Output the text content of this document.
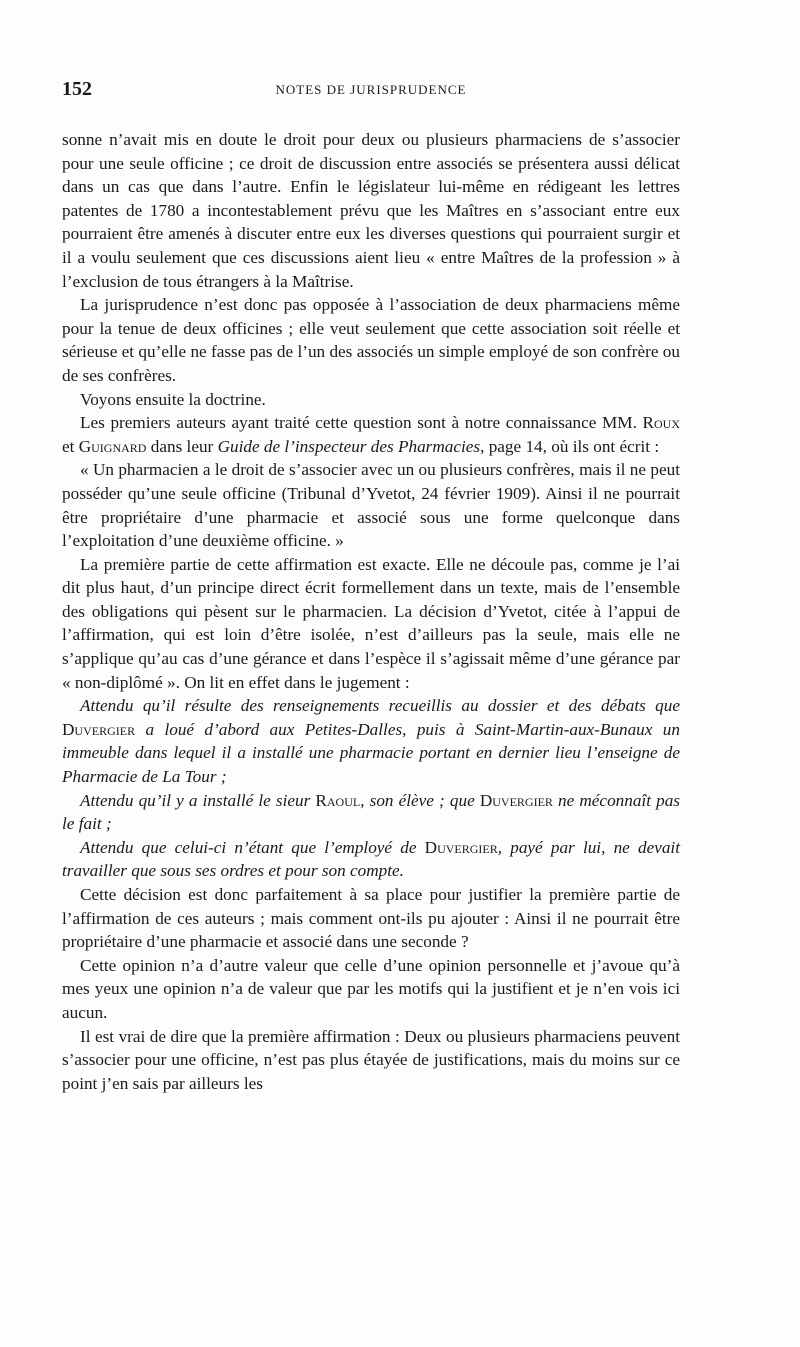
152	NOTES DE JURISPRUDENCE

sonne n’avait mis en doute le droit pour deux ou plusieurs pharmaciens de s’associer pour une seule officine ; ce droit de discussion entre associés se présentera aussi délicat dans un cas que dans l’autre. Enfin le législateur lui-même en rédigeant les lettres patentes de 1780 a incontestablement prévu que les Maîtres en s’associant entre eux pourraient être amenés à discuter entre eux les diverses questions qui pourraient surgir et il a voulu seulement que ces discussions aient lieu « entre Maîtres de la profession » à l’exclusion de tous étrangers à la Maîtrise.

La jurisprudence n’est donc pas opposée à l’association de deux pharmaciens même pour la tenue de deux officines ; elle veut seulement que cette association soit réelle et sérieuse et qu’elle ne fasse pas de l’un des associés un simple employé de son confrère ou de ses confrères.

Voyons ensuite la doctrine.

Les premiers auteurs ayant traité cette question sont à notre connaissance MM. Roux et Guignard dans leur Guide de l’inspecteur des Pharmacies, page 14, où ils ont écrit :

« Un pharmacien a le droit de s’associer avec un ou plusieurs confrères, mais il ne peut posséder qu’une seule officine (Tribunal d’Yvetot, 24 février 1909). Ainsi il ne pourrait être propriétaire d’une pharmacie et associé sous une forme quelconque dans l’exploitation d’une deuxième officine. »

La première partie de cette affirmation est exacte. Elle ne découle pas, comme je l’ai dit plus haut, d’un principe direct écrit formellement dans un texte, mais de l’ensemble des obligations qui pèsent sur le pharmacien. La décision d’Yvetot, citée à l’appui de l’affirmation, qui est loin d’être isolée, n’est d’ailleurs pas la seule, mais elle ne s’applique qu’au cas d’une gérance et dans l’espèce il s’agissait même d’une gérance par « non-diplômé ». On lit en effet dans le jugement :

Attendu qu’il résulte des renseignements recueillis au dossier et des débats que Duvergier a loué d’abord aux Petites-Dalles, puis à Saint-Martin-aux-Bunaux un immeuble dans lequel il a installé une pharmacie portant en dernier lieu l’enseigne de Pharmacie de La Tour ;

Attendu qu’il y a installé le sieur Raoul, son élève ; que Duvergier ne méconnaît pas le fait ;

Attendu que celui-ci n’étant que l’employé de Duvergier, payé par lui, ne devait travailler que sous ses ordres et pour son compte.

Cette décision est donc parfaitement à sa place pour justifier la première partie de l’affirmation de ces auteurs ; mais comment ont-ils pu ajouter : Ainsi il ne pourrait être propriétaire d’une pharmacie et associé dans une seconde ?

Cette opinion n’a d’autre valeur que celle d’une opinion personnelle et j’avoue qu’à mes yeux une opinion n’a de valeur que par les motifs qui la justifient et je n’en vois ici aucun.

Il est vrai de dire que la première affirmation : Deux ou plusieurs pharmaciens peuvent s’associer pour une officine, n’est pas plus étayée de justifications, mais du moins sur ce point j’en sais par ailleurs les
